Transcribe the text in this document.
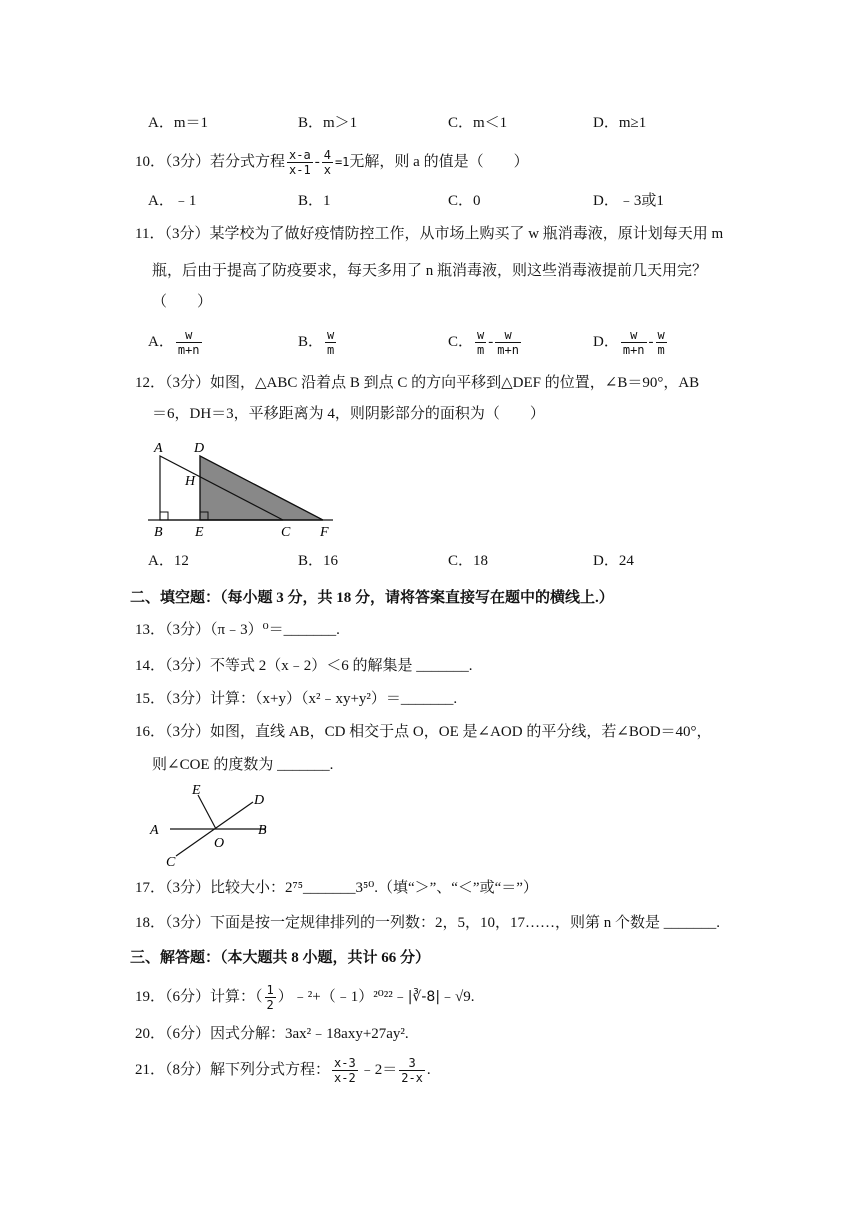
A．m＝1	B．m＞1	C．m＜1	D．m≥1
10．（3分）若分式方程 $\frac{x-a}{x-1} - \frac{4}{x} =1$无解，则 a 的值是（　　）
A．﹣1	B．1	C．0	D．﹣3或1
11．（3分）某学校为了做好疫情防控工作，从市场上购买了 w 瓶消毒液，原计划每天用 m
瓶，后由于提高了防疫要求，每天多用了 n 瓶消毒液，则这些消毒液提前几天用完？
（　　）
A． $\frac{w}{m+n}$	B． $\frac{w}{m}$	C． $\frac{w}{m} - \frac{w}{m+n}$	D． $\frac{w}{m+n} - \frac{w}{m}$
12．（3分）如图，△ABC 沿着点 B 到点 C 的方向平移到△DEF 的位置，∠B＝90°，AB
＝6，DH＝3，平移距离为 4，则阴影部分的面积为（　　）
A D
H
B E	C F
A．12	B．16	C．18	D．24
二、填空题：（每小题 3 分，共 18 分，请将答案直接写在题中的横线上.）
13．（3分）（π﹣3）⁰＝_______.
14．（3分）不等式 2（x﹣2）＜6 的解集是 _______.
15．（3分）计算：（x+y）（x²﹣xy+y²）＝_______.
16．（3分）如图，直线 AB，CD 相交于点 O，OE 是∠AOD 的平分线，若∠BOD＝40°，
则∠COE 的度数为 _______.
E
D
A
O
B
C
17．（3分）比较大小：2⁷⁵_______3⁵⁰.（填“＞”、“＜”或“＝”）
18．（3分）下面是按一定规律排列的一列数：2，5，10，17……，则第 n 个数是 _______.
三、解答题：（本大题共 8 小题，共计 66 分）
19．（6分）计算：（ $\frac{1}{2}$ ）﹣²+（﹣1）²⁰²²﹣|∛-8|﹣√9.
20．（6分）因式分解：3ax²﹣18axy+27ay².
21．（8分）解下列分式方程： $\frac{x-3}{x-2}$ ﹣2＝ $\frac{3}{2-x}$ .
